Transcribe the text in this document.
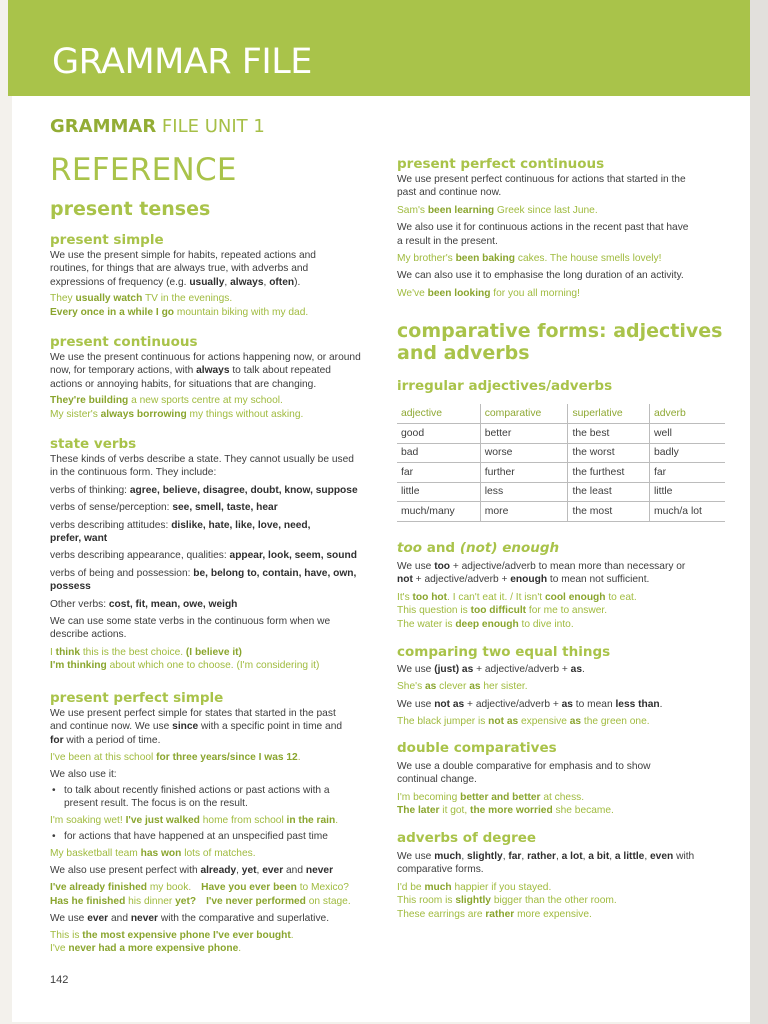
GRAMMAR FILE
GRAMMAR FILE UNIT 1
REFERENCE
present tenses
present simple

We use the present simple for habits, repeated actions and

routines, for things that are always true, with adverbs and

expressions of frequency (e.g. usually, always, often).

They usually watch TV in the evenings.

Every once in a while I go mountain biking with my dad.

present continuous

We use the present continuous for actions happening now, or around

now, for temporary actions, with always to talk about repeated

actions or annoying habits, for situations that are changing.

They're building a new sports centre at my school.

My sister's always borrowing my things without asking.

state verbs

These kinds of verbs describe a state. They cannot usually be used

in the continuous form. They include:

verbs of thinking: agree, believe, disagree, doubt, know, suppose

verbs of sense/perception: see, smell, taste, hear

verbs describing attitudes: dislike, hate, like, love, need,

prefer, want

verbs describing appearance, qualities: appear, look, seem, sound

verbs of being and possession: be, belong to, contain, have, own,

possess

Other verbs: cost, fit, mean, owe, weigh

We can use some state verbs in the continuous form when we

describe actions.

I think this is the best choice. (I believe it)

I'm thinking about which one to choose. (I'm considering it)

present perfect simple

We use present perfect simple for states that started in the past

and continue now. We use since with a specific point in time and

for with a period of time.

I've been at this school for three years/since I was 12.

We also use it:

• to talk about recently finished actions or past actions with a

present result. The focus is on the result.

I'm soaking wet! I've just walked home from school in the rain.

• for actions that have happened at an unspecified past time

My basketball team has won lots of matches.

We also use present perfect with already, yet, ever and never

I've already finished my book. Have you ever been to Mexico?

Has he finished his dinner yet? I've never performed on stage.

We use ever and never with the comparative and superlative.

This is the most expensive phone I've ever bought.

I've never had a more expensive phone.

142
present perfect continuous

We use present perfect continuous for actions that started in the

past and continue now.

Sam's been learning Greek since last June.

We also use it for continuous actions in the recent past that have

a result in the present.

My brother's been baking cakes. The house smells lovely!

We can also use it to emphasise the long duration of an activity.

We've been looking for you all morning!

comparative forms: adjectives
and adverbs
irregular adjectives/adverbs
adjective	comparative	superlative	adverb
good	better	the best	well
bad	worse	the worst	badly
far	further	the furthest	far
little	less	the least	little
much/many	more	the most	much/a lot
too and (not) enough

We use too + adjective/adverb to mean more than necessary or

not + adjective/adverb + enough to mean not sufficient.

It's too hot. I can't eat it. / It isn't cool enough to eat.

This question is too difficult for me to answer.

The water is deep enough to dive into.

comparing two equal things

We use (just) as + adjective/adverb + as.

She's as clever as her sister.

We use not as + adjective/adverb + as to mean less than.

The black jumper is not as expensive as the green one.

double comparatives

We use a double comparative for emphasis and to show

continual change.

I'm becoming better and better at chess.

The later it got, the more worried she became.

adverbs of degree

We use much, slightly, far, rather, a lot, a bit, a little, even with

comparative forms.

I'd be much happier if you stayed.

This room is slightly bigger than the other room.

These earrings are rather more expensive.
